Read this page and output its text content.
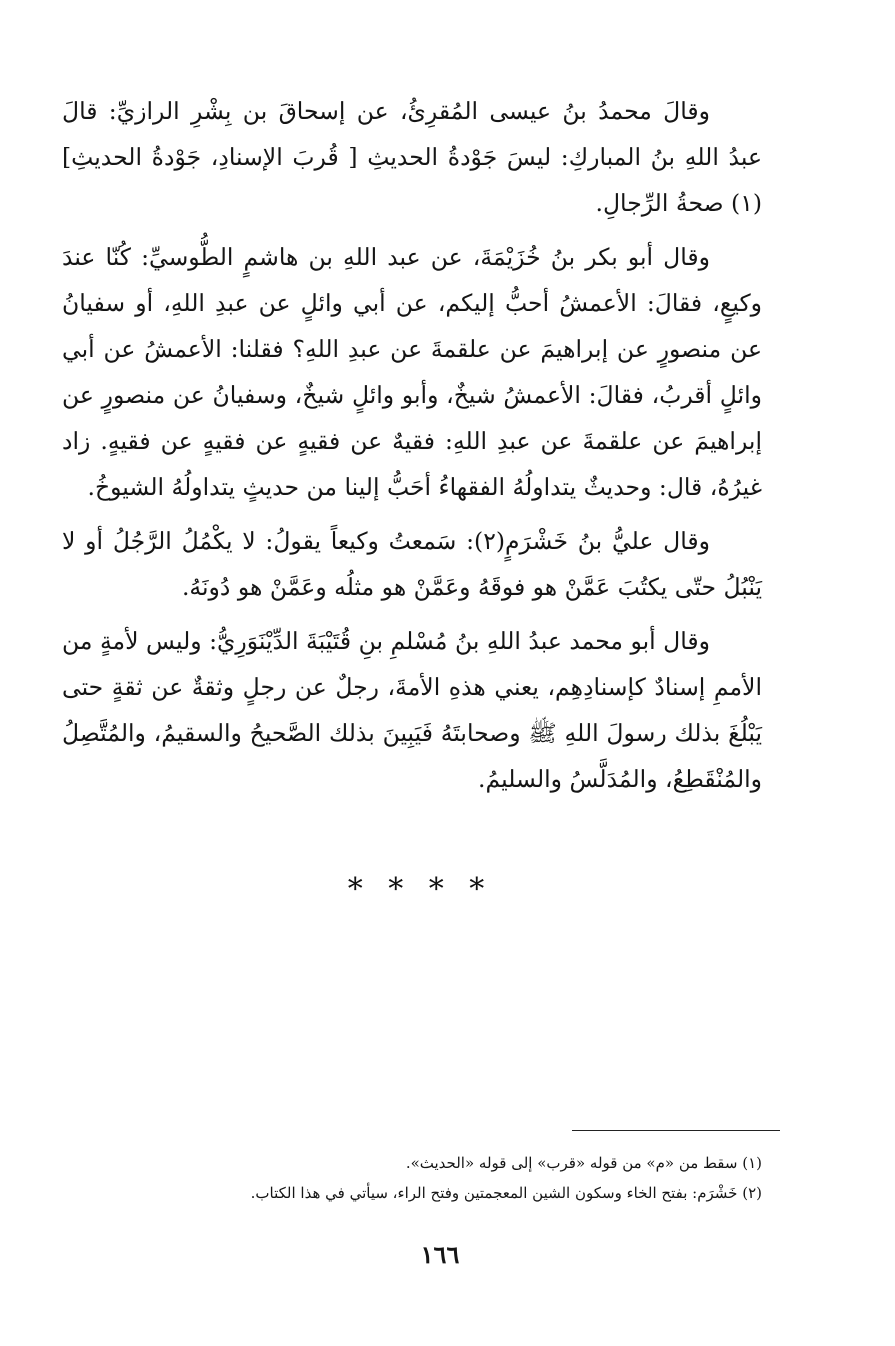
وقالَ محمدُ بنُ عيسى المُقرِئُ، عن إسحاقَ بن بِشْرِ الرازيِّ: قالَ عبدُ اللهِ بنُ المباركِ: ليسَ جَوْدةُ الحديثِ [ قُربَ الإسنادِ، جَوْدةُ الحديثِ](١) صحةُ الرِّجالِ.

وقال أبو بكر بنُ خُزَيْمَةَ، عن عبد اللهِ بن هاشمٍ الطُّوسيِّ: كُنّا عندَ وكيعٍ، فقالَ: الأعمشُ أحبُّ إليكم، عن أبي وائلٍ عن عبدِ اللهِ، أو سفيانُ عن منصورٍ عن إبراهيمَ عن علقمةَ عن عبدِ اللهِ؟ فقلنا: الأعمشُ عن أبي وائلٍ أقربُ، فقالَ: الأعمشُ شيخٌ، وأبو وائلٍ شيخٌ، وسفيانُ عن منصورٍ عن إبراهيمَ عن علقمةَ عن عبدِ اللهِ: فقيهٌ عن فقيهٍ عن فقيهٍ عن فقيهٍ. زاد غيرُهُ، قال: وحديثٌ يتداولُهُ الفقهاءُ أحَبُّ إلينا من حديثٍ يتداولُهُ الشيوخُ.

وقال عليُّ بنُ خَشْرَمٍ(٢): سَمعتُ وكيعاً يقولُ: لا يكْمُلُ الرَّجُلُ أو لا يَنْبُلُ حتّى يكتُبَ عَمَّنْ هو فوقَهُ وعَمَّنْ هو مثلُه وعَمَّنْ هو دُونَهُ.

وقال أبو محمد عبدُ اللهِ بنُ مُسْلمِ بنِ قُتَيْبَةَ الدِّيْنَوَرِيُّ: وليس لأمةٍ من الأممِ إسنادٌ كإسنادِهِم، يعني هذهِ الأمةَ، رجلٌ عن رجلٍ وثقةٌ عن ثقةٍ حتى يَبْلُغَ بذلك رسولَ اللهِ ﷺ وصحابتَهُ فَيَبِينَ بذلك الصَّحيحُ والسقيمُ، والمُتَّصِلُ والمُنْقَطِعُ، والمُدَلَّسُ والسليمُ.

* * * *

(١) سقط من «م» من قوله «قرب» إلى قوله «الحديث».

(٢) خَشْرَم: بفتح الخاء وسكون الشين المعجمتين وفتح الراء، سيأتي في هذا الكتاب.

١٦٦
